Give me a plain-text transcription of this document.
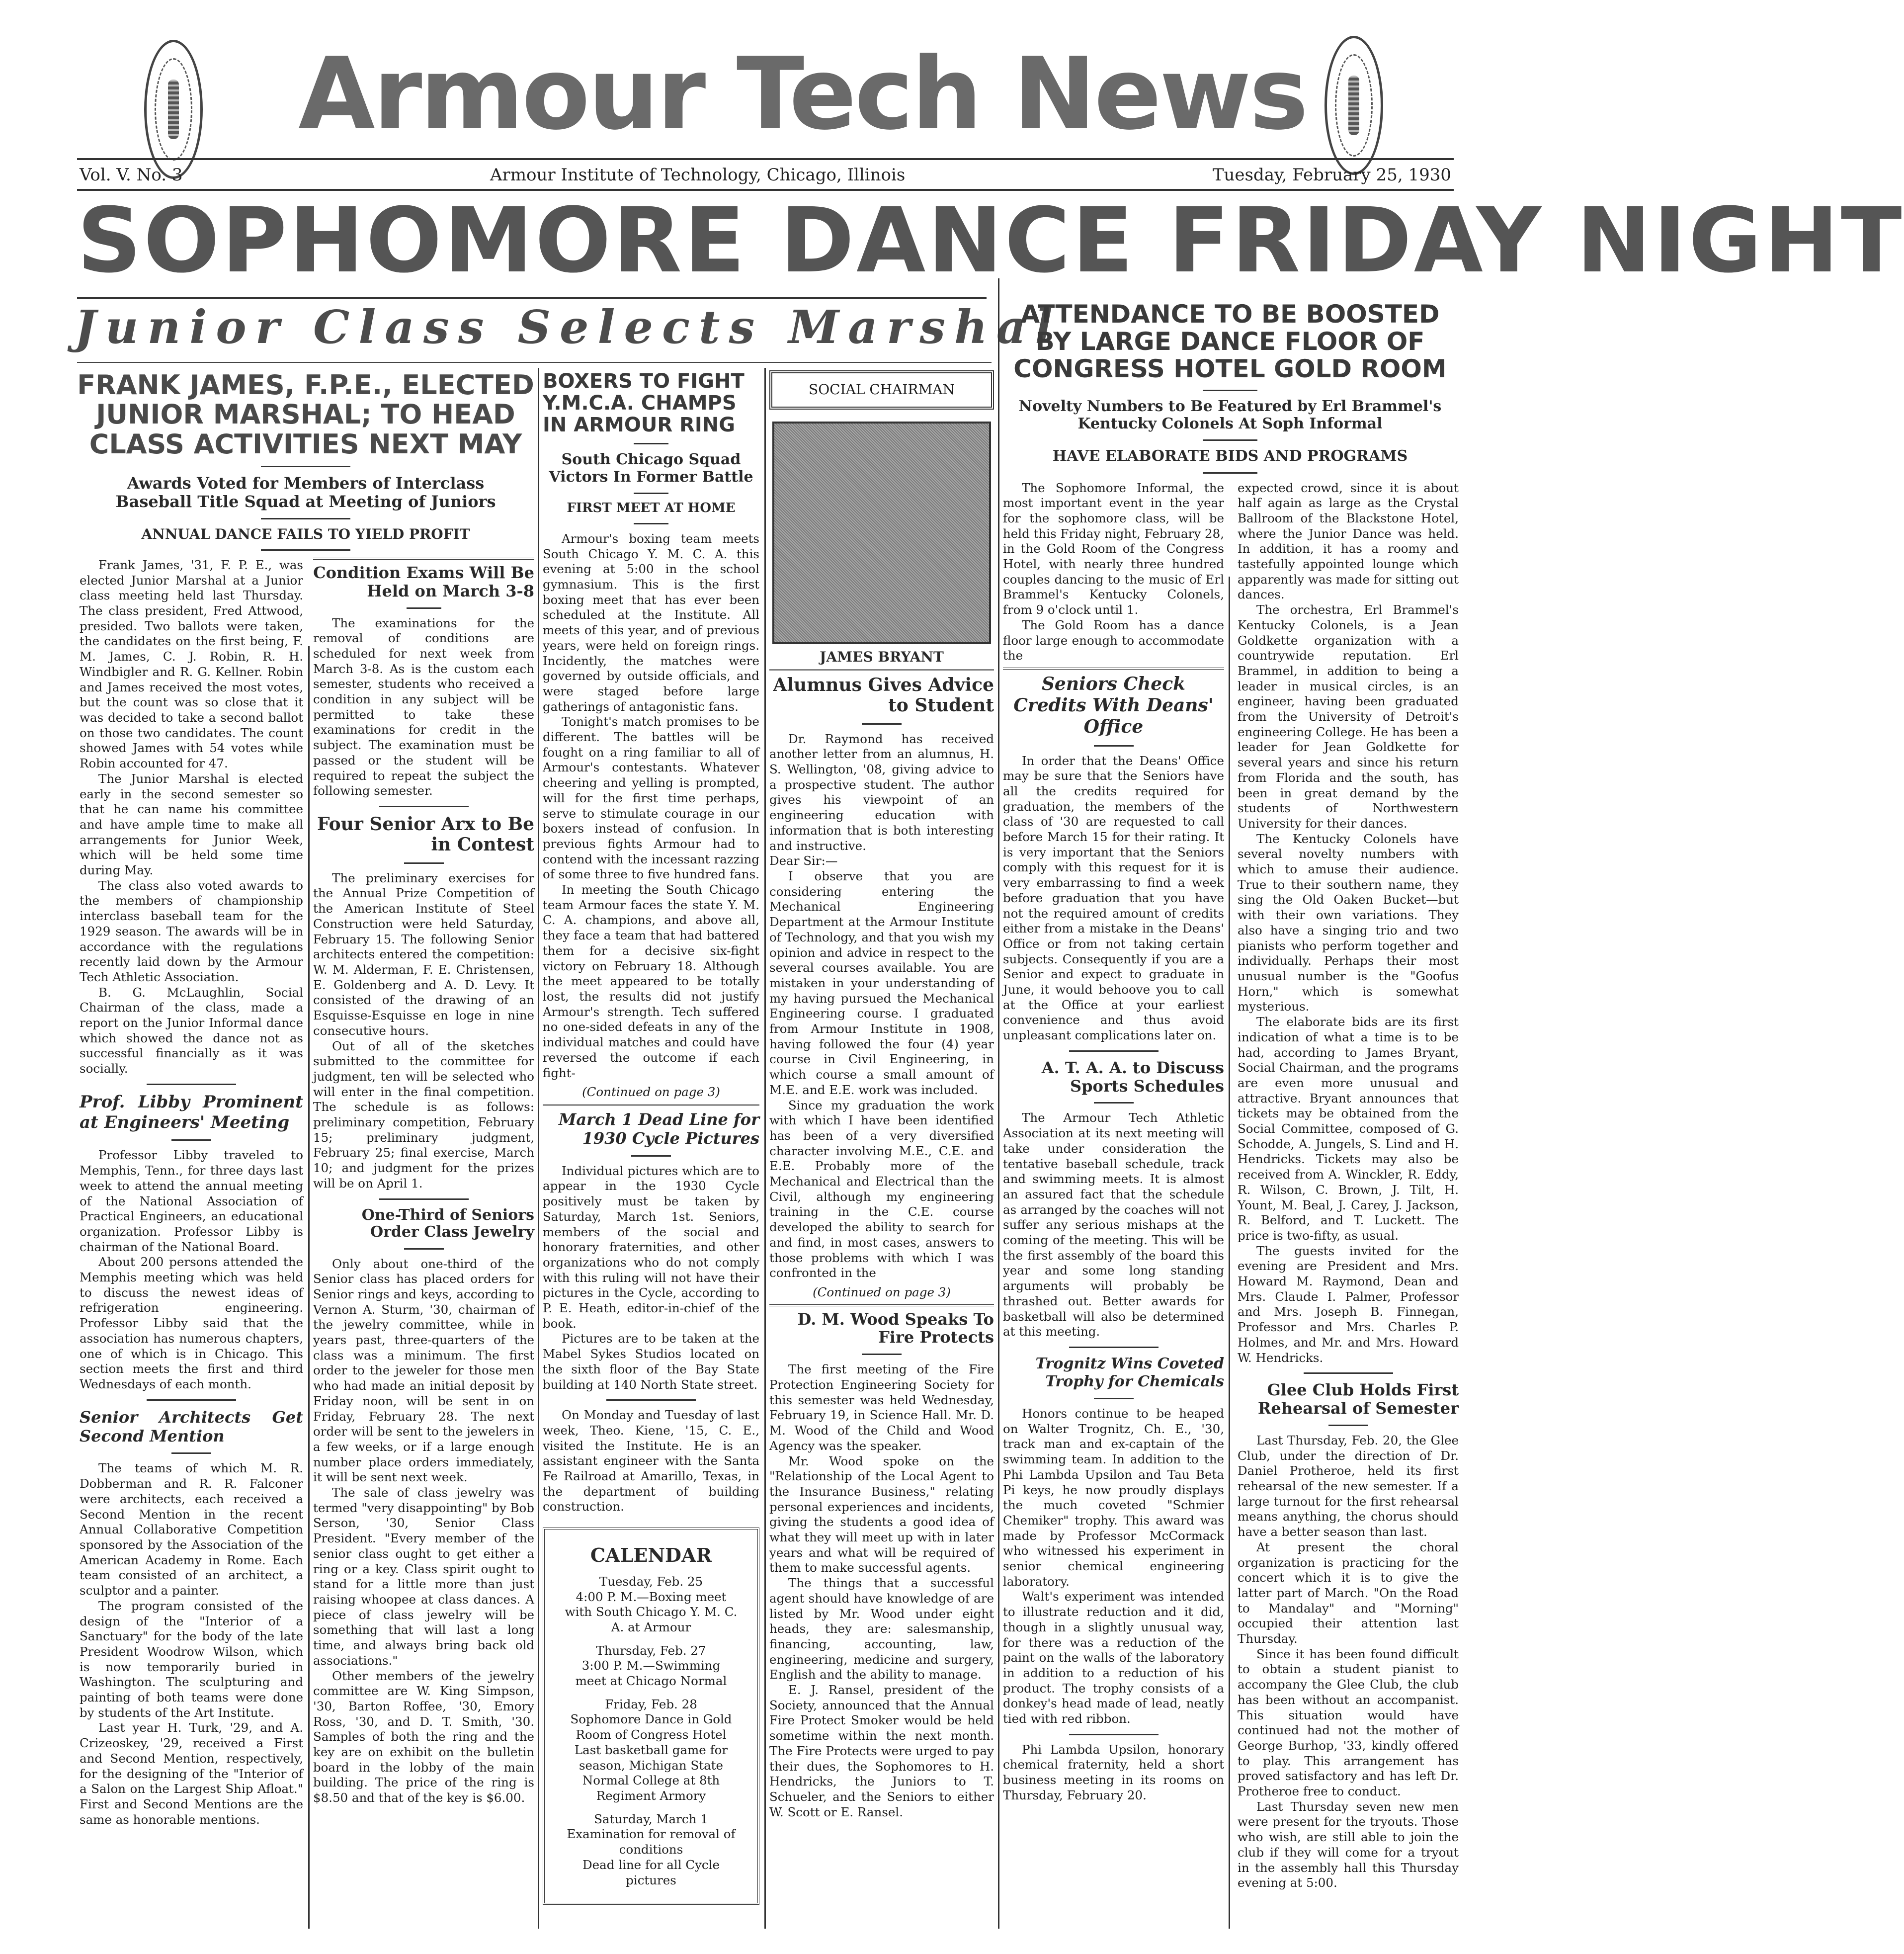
Armour Tech News
Vol. V. No. 3	Armour Institute of Technology, Chicago, Illinois	Tuesday, February 25, 1930
SOPHOMORE DANCE FRIDAY NIGHT
Junior Class Selects Marshal
FRANK JAMES, F.P.E., ELECTED JUNIOR MARSHAL; TO HEAD CLASS ACTIVITIES NEXT MAY
Awards Voted for Members of Interclass Baseball Title Squad at Meeting of Juniors
ANNUAL DANCE FAILS TO YIELD PROFIT

Frank James, '31, F. P. E., was elected Junior Marshal at a Junior class meeting held last Thursday. The class president, Fred Attwood, presided. Two ballots were taken, the candidates on the first being, F. M. James, C. J. Robin, R. H. Windbigler and R. G. Kellner. Robin and James received the most votes, but the count was so close that it was decided to take a second ballot on those two candidates. The count showed James with 54 votes while Robin accounted for 47.

The Junior Marshal is elected early in the second semester so that he can name his committee and have ample time to make all arrangements for Junior Week, which will be held some time during May.

The class also voted awards to the members of championship interclass baseball team for the 1929 season. The awards will be in accordance with the regulations recently laid down by the Armour Tech Athletic Association.

B. G. McLaughlin, Social Chairman of the class, made a report on the Junior Informal dance which showed the dance not as successful financially as it was socially.

Prof. Libby Prominent at Engineers' Meeting

Professor Libby traveled to Memphis, Tenn., for three days last week to attend the annual meeting of the National Association of Practical Engineers, an educational organization. Professor Libby is chairman of the National Board.

About 200 persons attended the Memphis meeting which was held to discuss the newest ideas of refrigeration engineering. Professor Libby said that the association has numerous chapters, one of which is in Chicago. This section meets the first and third Wednesdays of each month.

Senior Architects Get Second Mention

The teams of which M. R. Dobberman and R. R. Falconer were architects, each received a Second Mention in the recent Annual Collaborative Competition sponsored by the Association of the American Academy in Rome. Each team consisted of an architect, a sculptor and a painter.

The program consisted of the design of the "Interior of a Sanctuary" for the body of the late President Woodrow Wilson, which is now temporarily buried in Washington. The sculpturing and painting of both teams were done by students of the Art Institute.

Last year H. Turk, '29, and A. Crizeoskey, '29, received a First and Second Mention, respectively, for the designing of the "Interior of a Salon on the Largest Ship Afloat." First and Second Mentions are the same as honorable mentions.

Condition Exams Will Be Held on March 3-8

The examinations for the removal of conditions are scheduled for next week from March 3-8. As is the custom each semester, students who received a condition in any subject will be permitted to take these examinations for credit in the subject. The examination must be passed or the student will be required to repeat the subject the following semester.

Four Senior Arx to Be in Contest

The preliminary exercises for the Annual Prize Competition of the American Institute of Steel Construction were held Saturday, February 15. The following Senior architects entered the competition: W. M. Alderman, F. E. Christensen, E. Goldenberg and A. D. Levy. It consisted of the drawing of an Esquisse-Esquisse en loge in nine consecutive hours.

Out of all of the sketches submitted to the committee for judgment, ten will be selected who will enter in the final competition. The schedule is as follows: preliminary competition, February 15; preliminary judgment, February 25; final exercise, March 10; and judgment for the prizes will be on April 1.

One-Third of Seniors Order Class Jewelry

Only about one-third of the Senior class has placed orders for Senior rings and keys, according to Vernon A. Sturm, '30, chairman of the jewelry committee, while in years past, three-quarters of the class was a minimum. The first order to the jeweler for those men who had made an initial deposit by Friday noon, will be sent in on Friday, February 28. The next order will be sent to the jewelers in a few weeks, or if a large enough number place orders immediately, it will be sent next week.

The sale of class jewelry was termed "very disappointing" by Bob Serson, '30, Senior Class President. "Every member of the senior class ought to get either a ring or a key. Class spirit ought to stand for a little more than just raising whoopee at class dances. A piece of class jewelry will be something that will last a long time, and always bring back old associations."

Other members of the jewelry committee are W. King Simpson, '30, Barton Roffee, '30, Emory Ross, '30, and D. T. Smith, '30. Samples of both the ring and the key are on exhibit on the bulletin board in the lobby of the main building. The price of the ring is $8.50 and that of the key is $6.00.

BOXERS TO FIGHT Y.M.C.A. CHAMPS IN ARMOUR RING
South Chicago Squad Victors In Former Battle
FIRST MEET AT HOME

Armour's boxing team meets South Chicago Y. M. C. A. this evening at 5:00 in the school gymnasium. This is the first boxing meet that has ever been scheduled at the Institute. All meets of this year, and of previous years, were held on foreign rings. Incidently, the matches were governed by outside officials, and were staged before large gatherings of antagonistic fans.

Tonight's match promises to be different. The battles will be fought on a ring familiar to all of Armour's contestants. Whatever cheering and yelling is prompted, will for the first time perhaps, serve to stimulate courage in our boxers instead of confusion. In previous fights Armour had to contend with the incessant razzing of some three to five hundred fans.

In meeting the South Chicago team Armour faces the state Y. M. C. A. champions, and above all, they face a team that had battered them for a decisive six-fight victory on February 18. Although the meet appeared to be totally lost, the results did not justify Armour's strength. Tech suffered no one-sided defeats in any of the individual matches and could have reversed the outcome if each fight-

(Continued on page 3)
March 1 Dead Line for 1930 Cycle Pictures

Individual pictures which are to appear in the 1930 Cycle positively must be taken by Saturday, March 1st. Seniors, members of the social and honorary fraternities, and other organizations who do not comply with this ruling will not have their pictures in the Cycle, according to P. E. Heath, editor-in-chief of the book.

Pictures are to be taken at the Mabel Sykes Studios located on the sixth floor of the Bay State building at 140 North State street.

On Monday and Tuesday of last week, Theo. Kiene, '15, C. E., visited the Institute. He is an assistant engineer with the Santa Fe Railroad at Amarillo, Texas, in the department of building construction.

CALENDAR
Tuesday, Feb. 25
4:00 P. M.—Boxing meet with South Chicago Y. M. C. A. at Armour
Thursday, Feb. 27
3:00 P. M.—Swimming meet at Chicago Normal
Friday, Feb. 28
Sophomore Dance in Gold Room of Congress Hotel
Last basketball game for season, Michigan State Normal College at 8th Regiment Armory
Saturday, March 1
Examination for removal of conditions
Dead line for all Cycle pictures
SOCIAL CHAIRMAN
JAMES BRYANT
Alumnus Gives Advice to Student

Dr. Raymond has received another letter from an alumnus, H. S. Wellington, '08, giving advice to a prospective student. The author gives his viewpoint of an engineering education with information that is both interesting and instructive.

Dear Sir:—

I observe that you are considering entering the Mechanical Engineering Department at the Armour Institute of Technology, and that you wish my opinion and advice in respect to the several courses available. You are mistaken in your understanding of my having pursued the Mechanical Engineering course. I graduated from Armour Institute in 1908, having followed the four (4) year course in Civil Engineering, in which course a small amount of M.E. and E.E. work was included.

Since my graduation the work with which I have been identified has been of a very diversified character involving M.E., C.E. and E.E. Probably more of the Mechanical and Electrical than the Civil, although my engineering training in the C.E. course developed the ability to search for and find, in most cases, answers to those problems with which I was confronted in the

(Continued on page 3)
D. M. Wood Speaks To Fire Protects

The first meeting of the Fire Protection Engineering Society for this semester was held Wednesday, February 19, in Science Hall. Mr. D. M. Wood of the Child and Wood Agency was the speaker.

Mr. Wood spoke on the "Relationship of the Local Agent to the Insurance Business," relating personal experiences and incidents, giving the students a good idea of what they will meet up with in later years and what will be required of them to make successful agents.

The things that a successful agent should have knowledge of are listed by Mr. Wood under eight heads, they are: salesmanship, financing, accounting, law, engineering, medicine and surgery, English and the ability to manage.

E. J. Ransel, president of the Society, announced that the Annual Fire Protect Smoker would be held sometime within the next month. The Fire Protects were urged to pay their dues, the Sophomores to H. Hendricks, the Juniors to T. Schueler, and the Seniors to either W. Scott or E. Ransel.

ATTENDANCE TO BE BOOSTED BY LARGE DANCE FLOOR OF CONGRESS HOTEL GOLD ROOM
Novelty Numbers to Be Featured by Erl Brammel's Kentucky Colonels At Soph Informal
HAVE ELABORATE BIDS AND PROGRAMS

The Sophomore Informal, the most important event in the year for the sophomore class, will be held this Friday night, February 28, in the Gold Room of the Congress Hotel, with nearly three hundred couples dancing to the music of Erl Brammel's Kentucky Colonels, from 9 o'clock until 1.

The Gold Room has a dance floor large enough to accommodate the

Seniors Check Credits With Deans' Office

In order that the Deans' Office may be sure that the Seniors have all the credits required for graduation, the members of the class of '30 are requested to call before March 15 for their rating. It is very important that the Seniors comply with this request for it is very embarrassing to find a week before graduation that you have not the required amount of credits either from a mistake in the Deans' Office or from not taking certain subjects. Consequently if you are a Senior and expect to graduate in June, it would behoove you to call at the Office at your earliest convenience and thus avoid unpleasant complications later on.

A. T. A. A. to Discuss Sports Schedules

The Armour Tech Athletic Association at its next meeting will take under consideration the tentative baseball schedule, track and swimming meets. It is almost an assured fact that the schedule as arranged by the coaches will not suffer any serious mishaps at the coming of the meeting. This will be the first assembly of the board this year and some long standing arguments will probably be thrashed out. Better awards for basketball will also be determined at this meeting.

Trognitz Wins Coveted Trophy for Chemicals

Honors continue to be heaped on Walter Trognitz, Ch. E., '30, track man and ex-captain of the swimming team. In addition to the Phi Lambda Upsilon and Tau Beta Pi keys, he now proudly displays the much coveted "Schmier Chemiker" trophy. This award was made by Professor McCormack who witnessed his experiment in senior chemical engineering laboratory.

Walt's experiment was intended to illustrate reduction and it did, though in a slightly unusual way, for there was a reduction of the paint on the walls of the laboratory in addition to a reduction of his product. The trophy consists of a donkey's head made of lead, neatly tied with red ribbon.

Phi Lambda Upsilon, honorary chemical fraternity, held a short business meeting in its rooms on Thursday, February 20.

expected crowd, since it is about half again as large as the Crystal Ballroom of the Blackstone Hotel, where the Junior Dance was held. In addition, it has a roomy and tastefully appointed lounge which apparently was made for sitting out dances.

The orchestra, Erl Brammel's Kentucky Colonels, is a Jean Goldkette organization with a countrywide reputation. Erl Brammel, in addition to being a leader in musical circles, is an engineer, having been graduated from the University of Detroit's engineering College. He has been a leader for Jean Goldkette for several years and since his return from Florida and the south, has been in great demand by the students of Northwestern University for their dances.

The Kentucky Colonels have several novelty numbers with which to amuse their audience. True to their southern name, they sing the Old Oaken Bucket—but with their own variations. They also have a singing trio and two pianists who perform together and individually. Perhaps their most unusual number is the "Goofus Horn," which is somewhat mysterious.

The elaborate bids are its first indication of what a time is to be had, according to James Bryant, Social Chairman, and the programs are even more unusual and attractive. Bryant announces that tickets may be obtained from the Social Committee, composed of G. Schodde, A. Jungels, S. Lind and H. Hendricks. Tickets may also be received from A. Winckler, R. Eddy, R. Wilson, C. Brown, J. Tilt, H. Yount, M. Beal, J. Carey, J. Jackson, R. Belford, and T. Luckett. The price is two-fifty, as usual.

The guests invited for the evening are President and Mrs. Howard M. Raymond, Dean and Mrs. Claude I. Palmer, Professor and Mrs. Joseph B. Finnegan, Professor and Mrs. Charles P. Holmes, and Mr. and Mrs. Howard W. Hendricks.

Glee Club Holds First Rehearsal of Semester

Last Thursday, Feb. 20, the Glee Club, under the direction of Dr. Daniel Protheroe, held its first rehearsal of the new semester. If a large turnout for the first rehearsal means anything, the chorus should have a better season than last.

At present the choral organization is practicing for the concert which it is to give the latter part of March. "On the Road to Mandalay" and "Morning" occupied their attention last Thursday.

Since it has been found difficult to obtain a student pianist to accompany the Glee Club, the club has been without an accompanist. This situation would have continued had not the mother of George Burhop, '33, kindly offered to play. This arrangement has proved satisfactory and has left Dr. Protheroe free to conduct.

Last Thursday seven new men were present for the tryouts. Those who wish, are still able to join the club if they will come for a tryout in the assembly hall this Thursday evening at 5:00.
